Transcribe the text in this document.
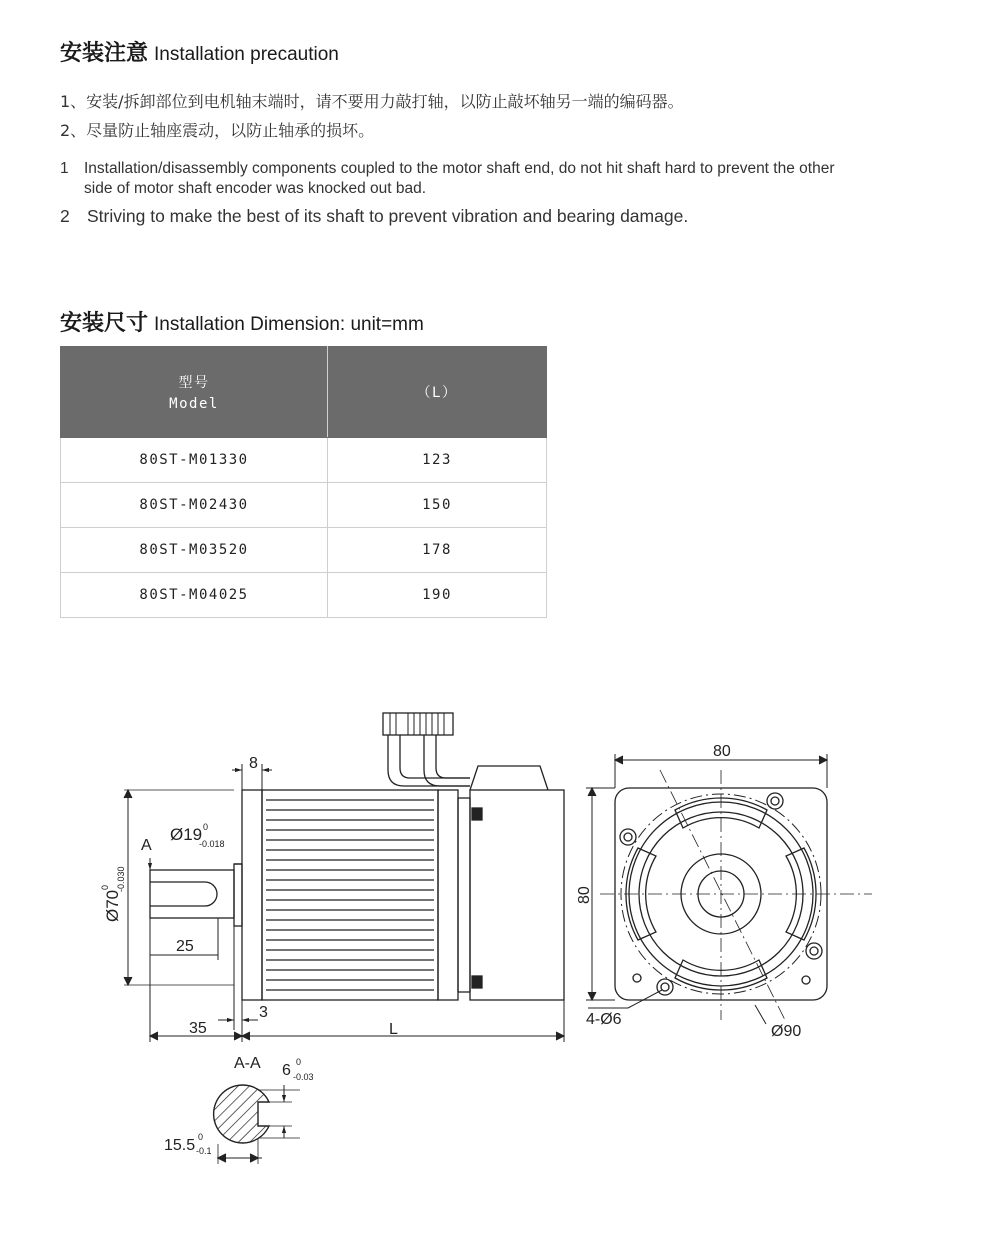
安装注意 Installation precaution
1、安装/拆卸部位到电机轴末端时，请不要用力敲打轴，以防止敲坏轴另一端的编码器。
2、尽量防止轴座震动，以防止轴承的损坏。
1 Installation/disassembly components coupled to the motor shaft end, do not hit shaft hard to prevent the other
side of motor shaft encoder was knocked out bad.
2 Striving to make the best of its shaft to prevent vibration and bearing damage.
安装尺寸 Installation Dimension: unit=mm
型号
Model	（L）
80ST-M01330	123
80ST-M02430	150
80ST-M03520	178
80ST-M04025	190
8
A
Ø19 0
-0.018
Ø70
0 -0.030
25
3
35	L
80
80
4-Ø6
Ø90
A-A 6 0
-0.03
15.5 0
-0.1
